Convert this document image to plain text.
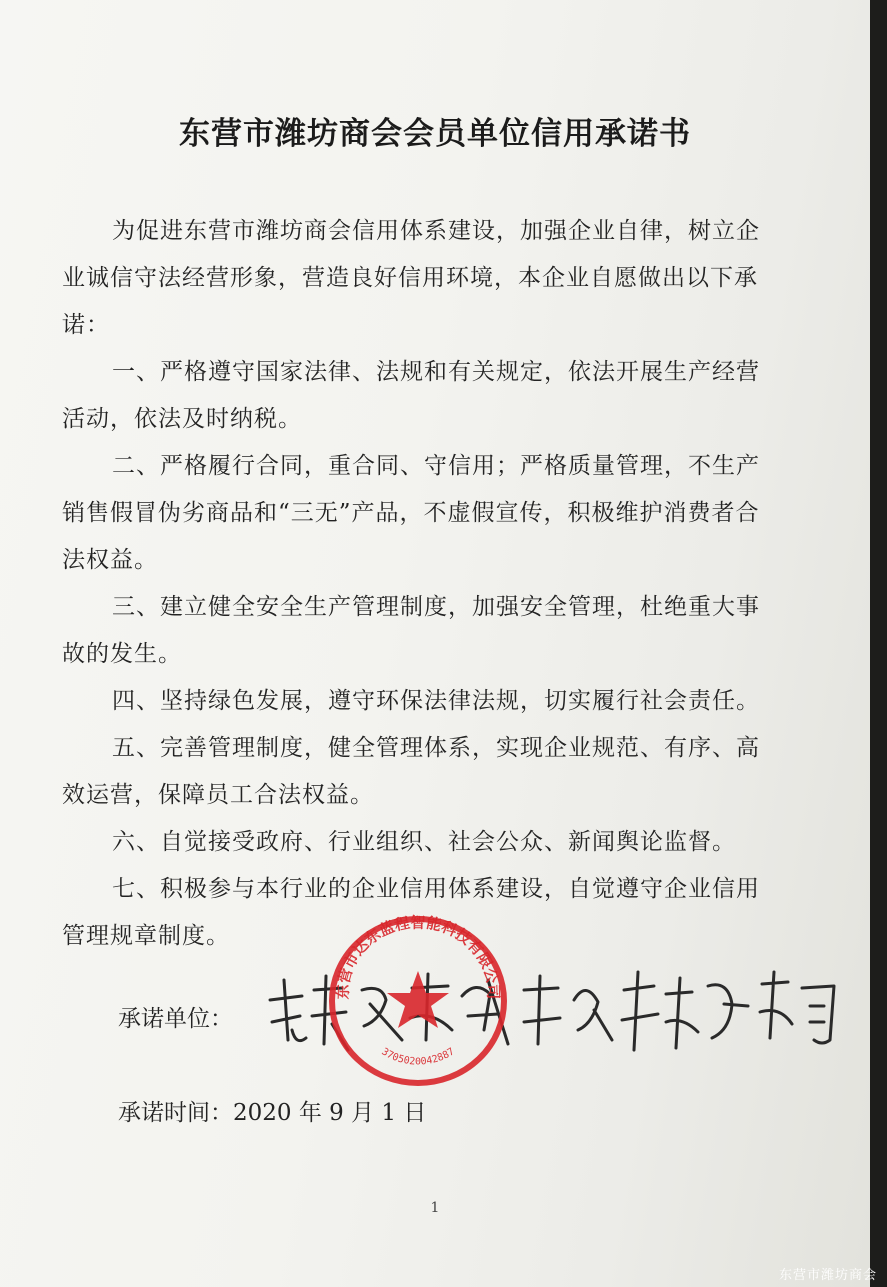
东营市潍坊商会会员单位信用承诺书

为促进东营市潍坊商会信用体系建设，加强企业自律，树立企业诚信守法经营形象，营造良好信用环境，本企业自愿做出以下承诺：

一、严格遵守国家法律、法规和有关规定，依法开展生产经营活动，依法及时纳税。

二、严格履行合同，重合同、守信用；严格质量管理，不生产销售假冒伪劣商品和“三无”产品，不虚假宣传，积极维护消费者合法权益。

三、建立健全安全生产管理制度，加强安全管理，杜绝重大事故的发生。

四、坚持绿色发展，遵守环保法律法规，切实履行社会责任。

五、完善管理制度，健全管理体系，实现企业规范、有序、高效运营，保障员工合法权益。

六、自觉接受政府、行业组织、社会公众、新闻舆论监督。

七、积极参与本行业的企业信用体系建设，自觉遵守企业信用管理规章制度。

承诺单位：
东营市达东蓝程智能科技有限公司
3705020042887
承诺时间：2020 年 9 月 1 日
1
东营市潍坊商会
